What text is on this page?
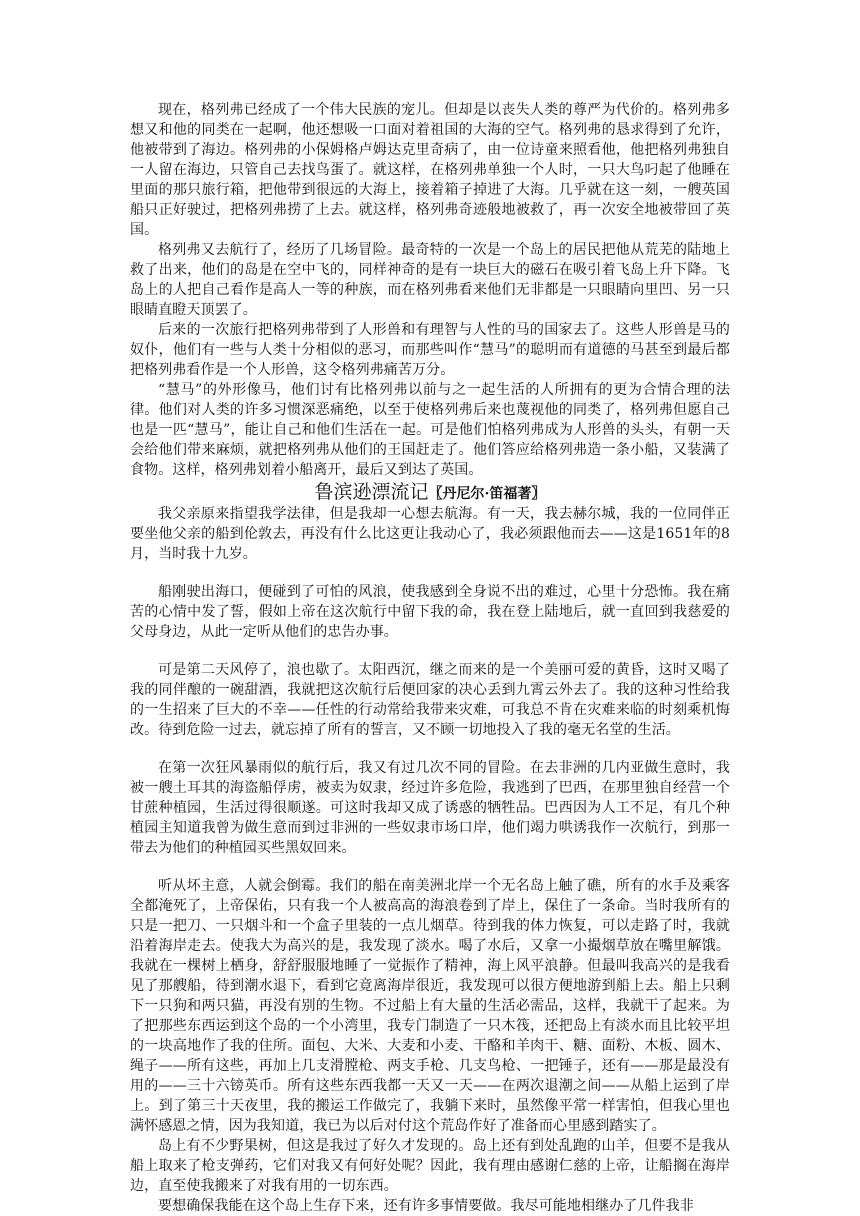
现在，格列弗已经成了一个伟大民族的宠儿。但却是以丧失人类的尊严为代价的。格列弗多想又和他的同类在一起啊，他还想吸一口面对着祖国的大海的空气。格列弗的恳求得到了允许，他被带到了海边。格列弗的小保姆格卢姆达克里奇病了，由一位诗童来照看他，他把格列弗独自一人留在海边，只管自己去找鸟蛋了。就这样，在格列弗单独一个人时，一只大鸟叼起了他睡在里面的那只旅行箱，把他带到很远的大海上，接着箱子掉进了大海。几乎就在这一刻，一艘英国船只正好驶过，把格列弗捞了上去。就这样，格列弗奇迹般地被救了，再一次安全地被带回了英国。

格列弗又去航行了，经历了几场冒险。最奇特的一次是一个岛上的居民把他从荒芜的陆地上救了出来，他们的岛是在空中飞的，同样神奇的是有一块巨大的磁石在吸引着飞岛上升下降。飞岛上的人把自己看作是高人一等的种族，而在格列弗看来他们无非都是一只眼睛向里凹、另一只眼睛直瞪天顶罢了。

后来的一次旅行把格列弗带到了人形兽和有理智与人性的马的国家去了。这些人形兽是马的奴仆，他们有一些与人类十分相似的恶习，而那些叫作“慧马”的聪明而有道德的马甚至到最后都把格列弗看作是一个人形兽，这令格列弗痛苦万分。

“慧马”的外形像马，他们讨有比格列弗以前与之一起生活的人所拥有的更为合情合理的法律。他们对人类的许多习惯深恶痛绝，以至于使格列弗后来也蔑视他的同类了，格列弗但愿自己也是一匹“慧马”，能让自己和他们生活在一起。可是他们怕格列弗成为人形兽的头头，有朝一天会给他们带来麻烦，就把格列弗从他们的王国赶走了。他们答应给格列弗造一条小船，又装满了食物。这样，格列弗划着小船离开，最后又到达了英国。

鲁滨逊漂流记〖丹尼尔·笛福著〗

我父亲原来指望我学法律，但是我却一心想去航海。有一天，我去赫尔城，我的一位同伴正要坐他父亲的船到伦敦去，再没有什么比这更让我动心了，我必须跟他而去——这是1651年的8月，当时我十九岁。

船刚驶出海口，便碰到了可怕的风浪，使我感到全身说不出的难过，心里十分恐怖。我在痛苦的心情中发了誓，假如上帝在这次航行中留下我的命，我在登上陆地后，就一直回到我慈爱的父母身边，从此一定听从他们的忠告办事。

可是第二天风停了，浪也歇了。太阳西沉，继之而来的是一个美丽可爱的黄昏，这时又喝了我的同伴酿的一碗甜酒，我就把这次航行后便回家的决心丢到九霄云外去了。我的这种习性给我的一生招来了巨大的不幸——任性的行动常给我带来灾难，可我总不肯在灾难来临的时刻乘机悔改。待到危险一过去，就忘掉了所有的誓言，又不顾一切地投入了我的毫无名堂的生活。

在第一次狂风暴雨似的航行后，我又有过几次不同的冒险。在去非洲的几内亚做生意时，我被一艘土耳其的海盗船俘虏，被卖为奴隶，经过许多危险，我逃到了巴西，在那里独自经营一个甘蔗种植园，生活过得很顺遂。可这时我却又成了诱惑的牺牲品。巴西因为人工不足，有几个种植园主知道我曾为做生意而到过非洲的一些奴隶市场口岸，他们竭力哄诱我作一次航行，到那一带去为他们的种植园买些黑奴回来。

听从坏主意，人就会倒霉。我们的船在南美洲北岸一个无名岛上触了礁，所有的水手及乘客全都淹死了，上帝保佑，只有我一个人被高高的海浪卷到了岸上，保住了一条命。当时我所有的只是一把刀、一只烟斗和一个盒子里装的一点儿烟草。待到我的体力恢复，可以走路了时，我就沿着海岸走去。使我大为高兴的是，我发现了淡水。喝了水后，又拿一小撮烟草放在嘴里解饿。我就在一棵树上栖身，舒舒服服地睡了一觉振作了精神，海上风平浪静。但最叫我高兴的是我看见了那艘船，待到潮水退下，看到它竟离海岸很近，我发现可以很方便地游到船上去。船上只剩下一只狗和两只猫，再没有别的生物。不过船上有大量的生活必需品，这样，我就干了起来。为了把那些东西运到这个岛的一个小湾里，我专门制造了一只木筏，还把岛上有淡水而且比较平坦的一块高地作了我的住所。面包、大米、大麦和小麦、干酪和羊肉干、糖、面粉、木板、圆木、绳子——所有这些，再加上几支滑膛枪、两支手枪、几支鸟枪、一把锤子，还有——那是最没有用的——三十六镑英币。所有这些东西我都一天又一天——在两次退潮之间——从船上运到了岸上。到了第三十天夜里，我的搬运工作做完了，我躺下来时，虽然像平常一样害怕，但我心里也满怀感恩之情，因为我知道，我已为以后对付这个荒岛作好了准备而心里感到踏实了。

岛上有不少野果树，但这是我过了好久才发现的。岛上还有到处乱跑的山羊，但要不是我从船上取来了枪支弹药，它们对我又有何好处呢？因此，我有理由感谢仁慈的上帝，让船搁在海岸边，直至使我搬来了对我有用的一切东西。

要想确保我能在这个岛上生存下来，还有许多事情要做。我尽可能地相继办了几件我非
